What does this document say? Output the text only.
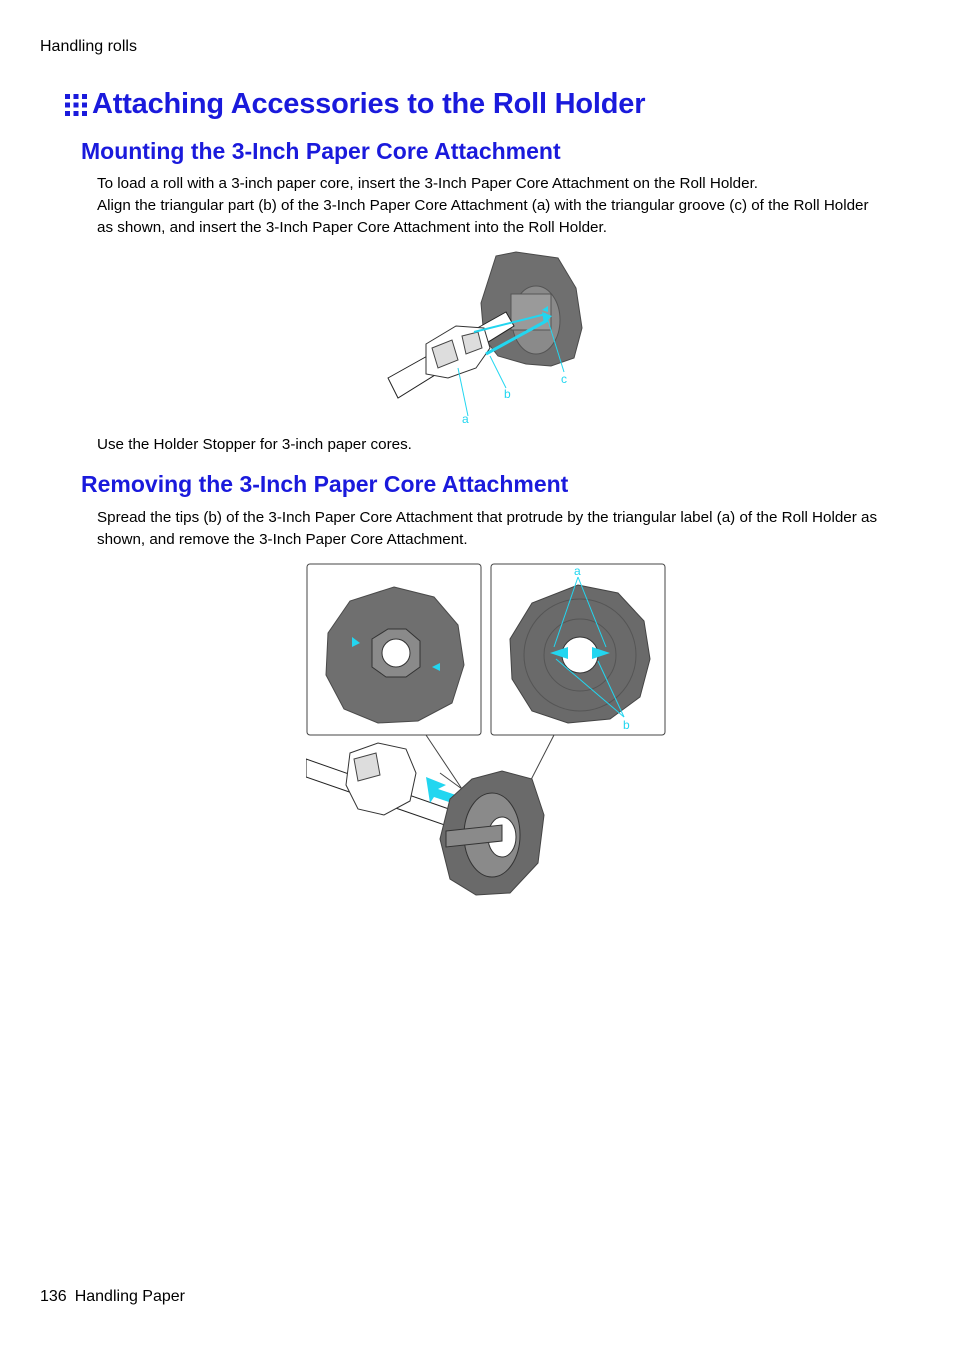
Handling rolls
Attaching Accessories to the Roll Holder
Mounting the 3-Inch Paper Core Attachment

To load a roll with a 3-inch paper core, insert the 3-Inch Paper Core Attachment on the Roll Holder.

Align the triangular part (b) of the 3-Inch Paper Core Attachment (a) with the triangular groove (c) of the Roll Holder as shown, and insert the 3-Inch Paper Core Attachment into the Roll Holder.

a
b
c

Use the Holder Stopper for 3-inch paper cores.

Removing the 3-Inch Paper Core Attachment

Spread the tips (b) of the 3-Inch Paper Core Attachment that protrude by the triangular label (a) of the Roll Holder as shown, and remove the 3-Inch Paper Core Attachment.

a
b
136 Handling Paper
